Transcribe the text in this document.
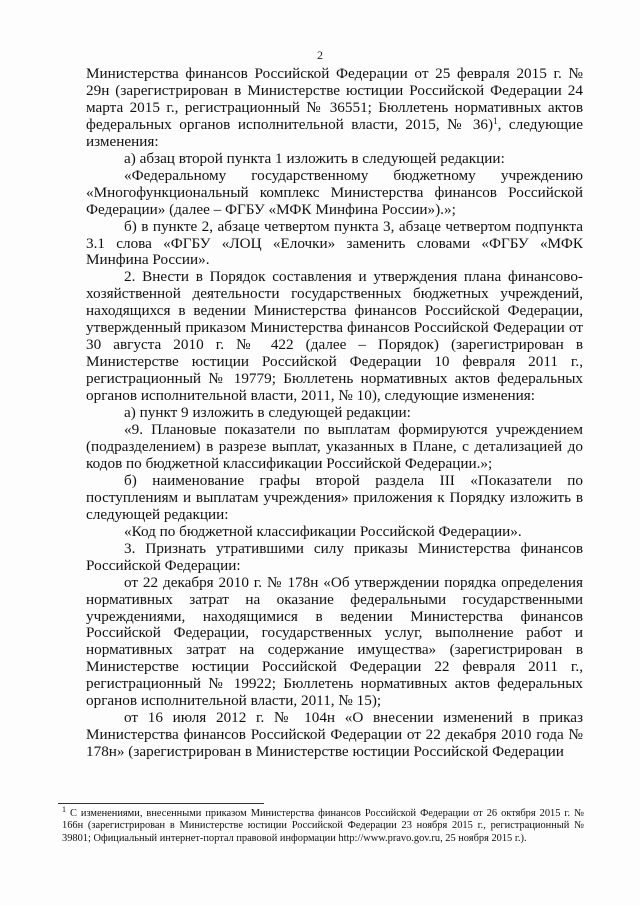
2

Министерства финансов Российской Федерации от 25 февраля 2015 г. № 29н (зарегистрирован в Министерстве юстиции Российской Федерации 24 марта 2015 г., регистрационный № 36551; Бюллетень нормативных актов федеральных органов исполнительной власти, 2015, № 36)$^1$, следующие изменения:

а) абзац второй пункта 1 изложить в следующей редакции:

«Федеральному государственному бюджетному учреждению «Многофункциональный комплекс Министерства финансов Российской Федерации» (далее – ФГБУ «МФК Минфина России»).»;

б) в пункте 2, абзаце четвертом пункта 3, абзаце четвертом подпункта 3.1 слова «ФГБУ «ЛОЦ «Елочки» заменить словами «ФГБУ «МФК Минфина России».

2. Внести в Порядок составления и утверждения плана финансово-хозяйственной деятельности государственных бюджетных учреждений, находящихся в ведении Министерства финансов Российской Федерации, утвержденный приказом Министерства финансов Российской Федерации от 30 августа 2010 г. № 422 (далее – Порядок) (зарегистрирован в Министерстве юстиции Российской Федерации 10 февраля 2011 г., регистрационный № 19779; Бюллетень нормативных актов федеральных органов исполнительной власти, 2011, № 10), следующие изменения:

а) пункт 9 изложить в следующей редакции:

«9. Плановые показатели по выплатам формируются учреждением (подразделением) в разрезе выплат, указанных в Плане, с детализацией до кодов по бюджетной классификации Российской Федерации.»;

б) наименование графы второй раздела III «Показатели по поступлениям и выплатам учреждения» приложения к Порядку изложить в следующей редакции:

«Код по бюджетной классификации Российской Федерации».

3. Признать утратившими силу приказы Министерства финансов Российской Федерации:

от 22 декабря 2010 г. № 178н «Об утверждении порядка определения нормативных затрат на оказание федеральными государственными учреждениями, находящимися в ведении Министерства финансов Российской Федерации, государственных услуг, выполнение работ и нормативных затрат на содержание имущества» (зарегистрирован в Министерстве юстиции Российской Федерации 22 февраля 2011 г., регистрационный № 19922; Бюллетень нормативных актов федеральных органов исполнительной власти, 2011, № 15);

от 16 июля 2012 г. № 104н «О внесении изменений в приказ Министерства финансов Российской Федерации от 22 декабря 2010 года № 178н» (зарегистрирован в Министерстве юстиции Российской Федерации

$^1$ С изменениями, внесенными приказом Министерства финансов Российской Федерации от 26 октября 2015 г. № 166н (зарегистрирован в Министерстве юстиции Российской Федерации 23 ноября 2015 г., регистрационный № 39801; Официальный интернет-портал правовой информации http://www.pravo.gov.ru, 25 ноября 2015 г.).
